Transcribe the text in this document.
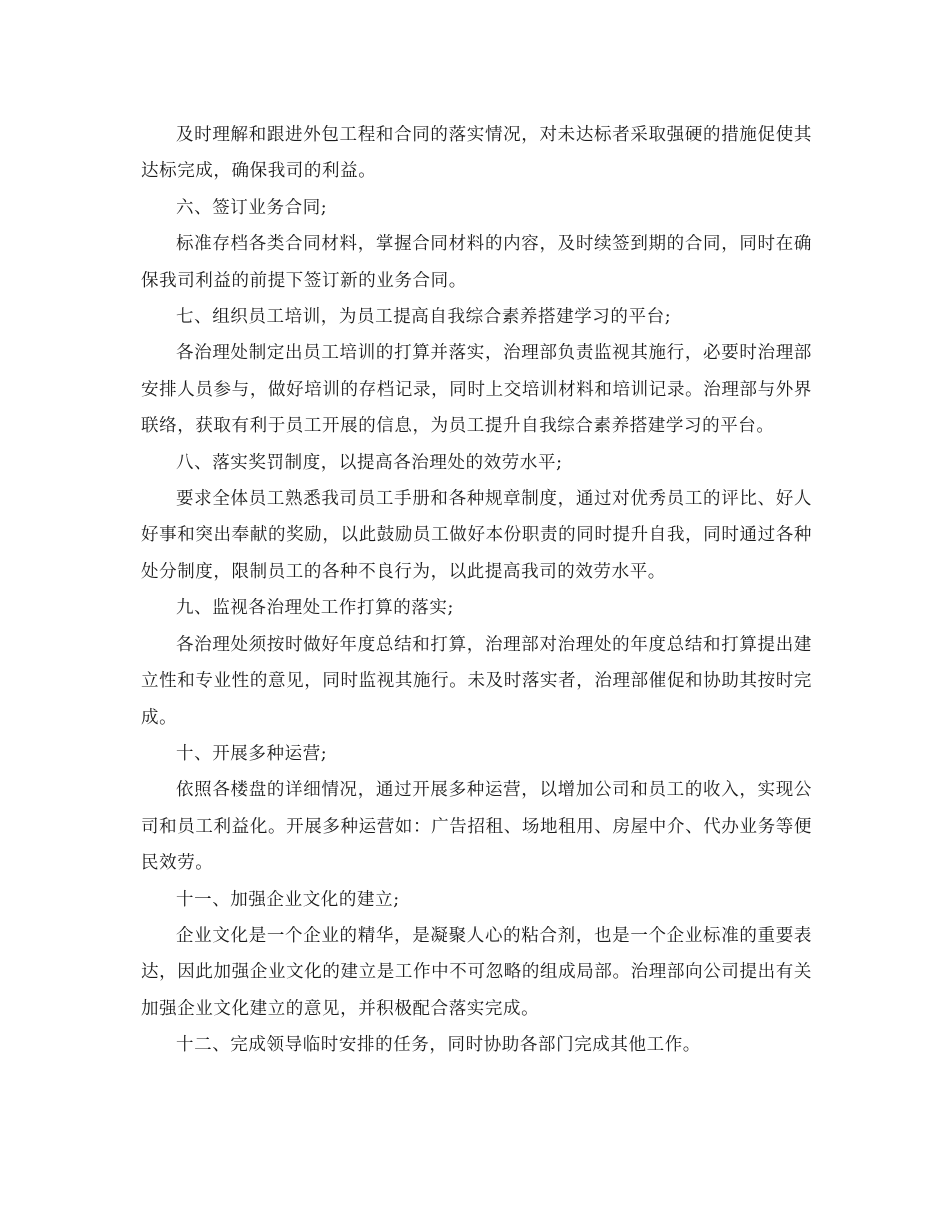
及时理解和跟进外包工程和合同的落实情况，对未达标者采取强硬的措施促使其达标完成，确保我司的利益。

六、签订业务合同;

标准存档各类合同材料，掌握合同材料的内容，及时续签到期的合同，同时在确保我司利益的前提下签订新的业务合同。

七、组织员工培训，为员工提高自我综合素养搭建学习的平台;

各治理处制定出员工培训的打算并落实，治理部负责监视其施行，必要时治理部安排人员参与，做好培训的存档记录，同时上交培训材料和培训记录。治理部与外界联络，获取有利于员工开展的信息，为员工提升自我综合素养搭建学习的平台。

八、落实奖罚制度，以提高各治理处的效劳水平;

要求全体员工熟悉我司员工手册和各种规章制度，通过对优秀员工的评比、好人好事和突出奉献的奖励，以此鼓励员工做好本份职责的同时提升自我，同时通过各种处分制度，限制员工的各种不良行为，以此提高我司的效劳水平。

九、监视各治理处工作打算的落实;

各治理处须按时做好年度总结和打算，治理部对治理处的年度总结和打算提出建立性和专业性的意见，同时监视其施行。未及时落实者，治理部催促和协助其按时完成。

十、开展多种运营;

依照各楼盘的详细情况，通过开展多种运营，以增加公司和员工的收入，实现公司和员工利益化。开展多种运营如：广告招租、场地租用、房屋中介、代办业务等便民效劳。

十一、加强企业文化的建立;

企业文化是一个企业的精华，是凝聚人心的粘合剂，也是一个企业标准的重要表达，因此加强企业文化的建立是工作中不可忽略的组成局部。治理部向公司提出有关加强企业文化建立的意见，并积极配合落实完成。

十二、完成领导临时安排的任务，同时协助各部门完成其他工作。
